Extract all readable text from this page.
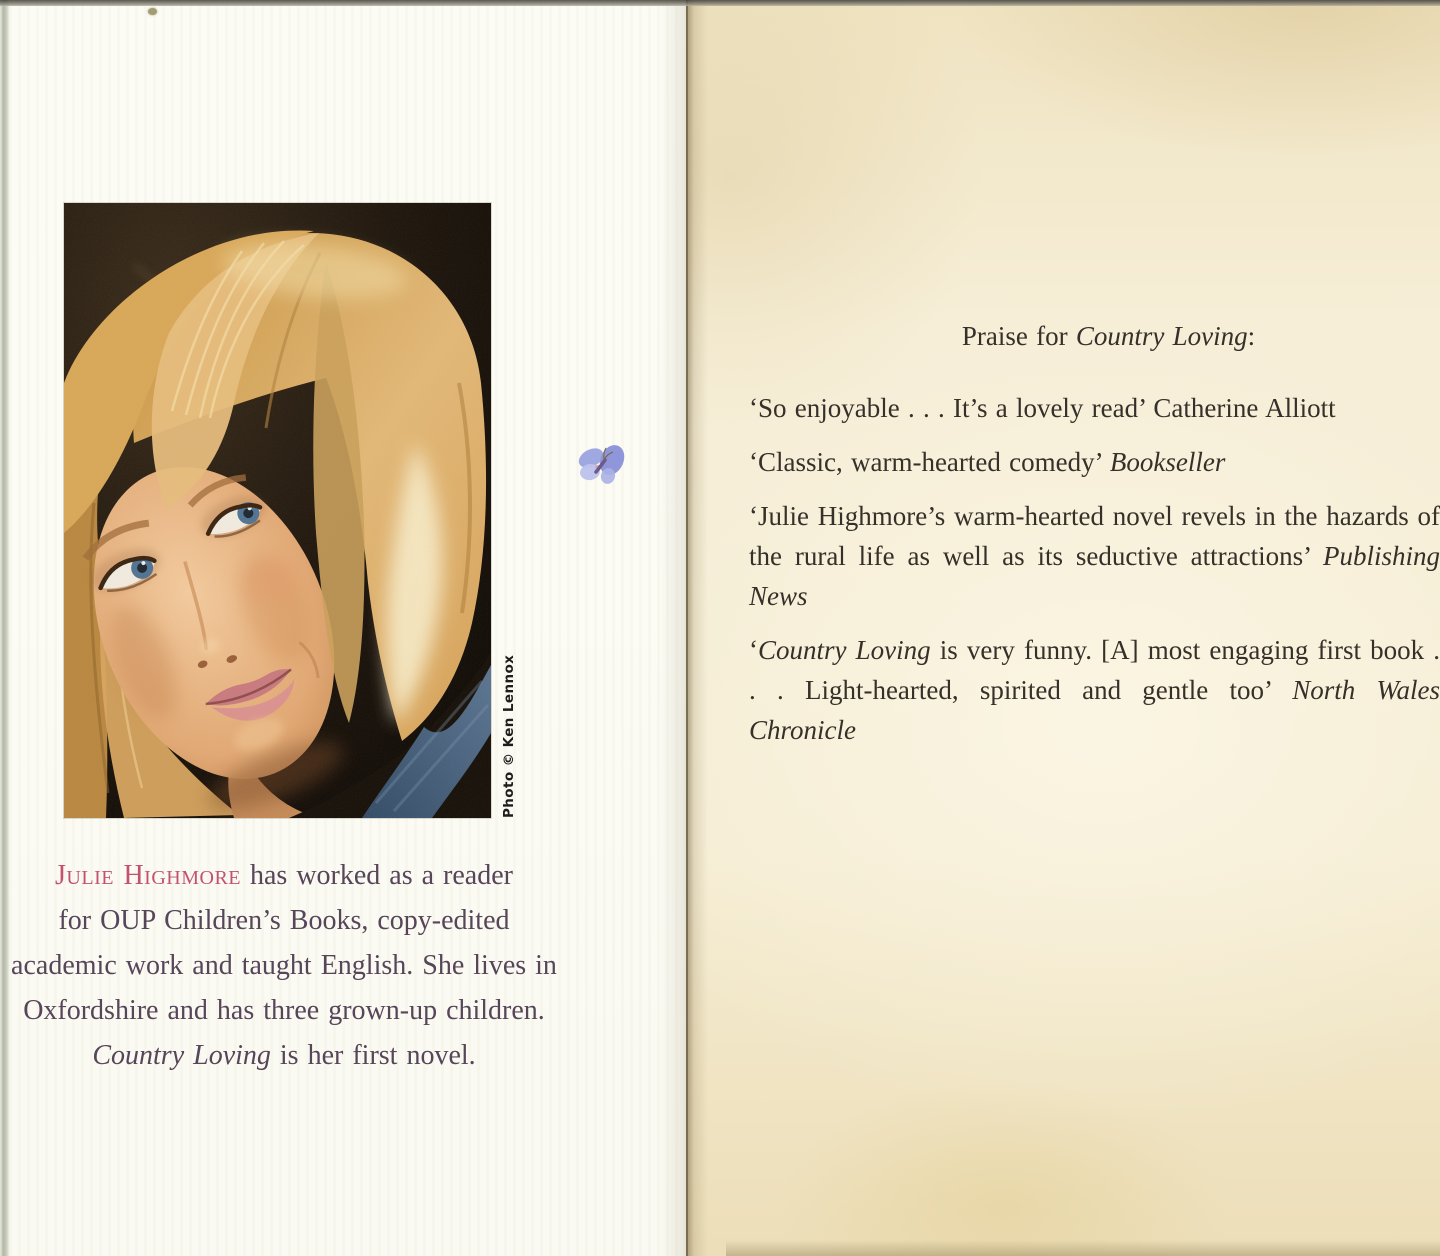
Photo © Ken Lennox
Julie Highmore has worked as a reader
for OUP Children’s Books, copy-edited
academic work and taught English. She lives in
Oxfordshire and has three grown-up children.
Country Loving is her first novel.
Praise for Country Loving:

‘So enjoyable . . . It’s a lovely read’ Catherine Alliott

‘Classic, warm-hearted comedy’ Bookseller

‘Julie Highmore’s warm-hearted novel revels in the hazards of the rural life as well as its seductive attractions’ Publishing News

‘Country Loving is very funny. [A] most engaging first book . . . Light-hearted, spirited and gentle too’ North Wales Chronicle
